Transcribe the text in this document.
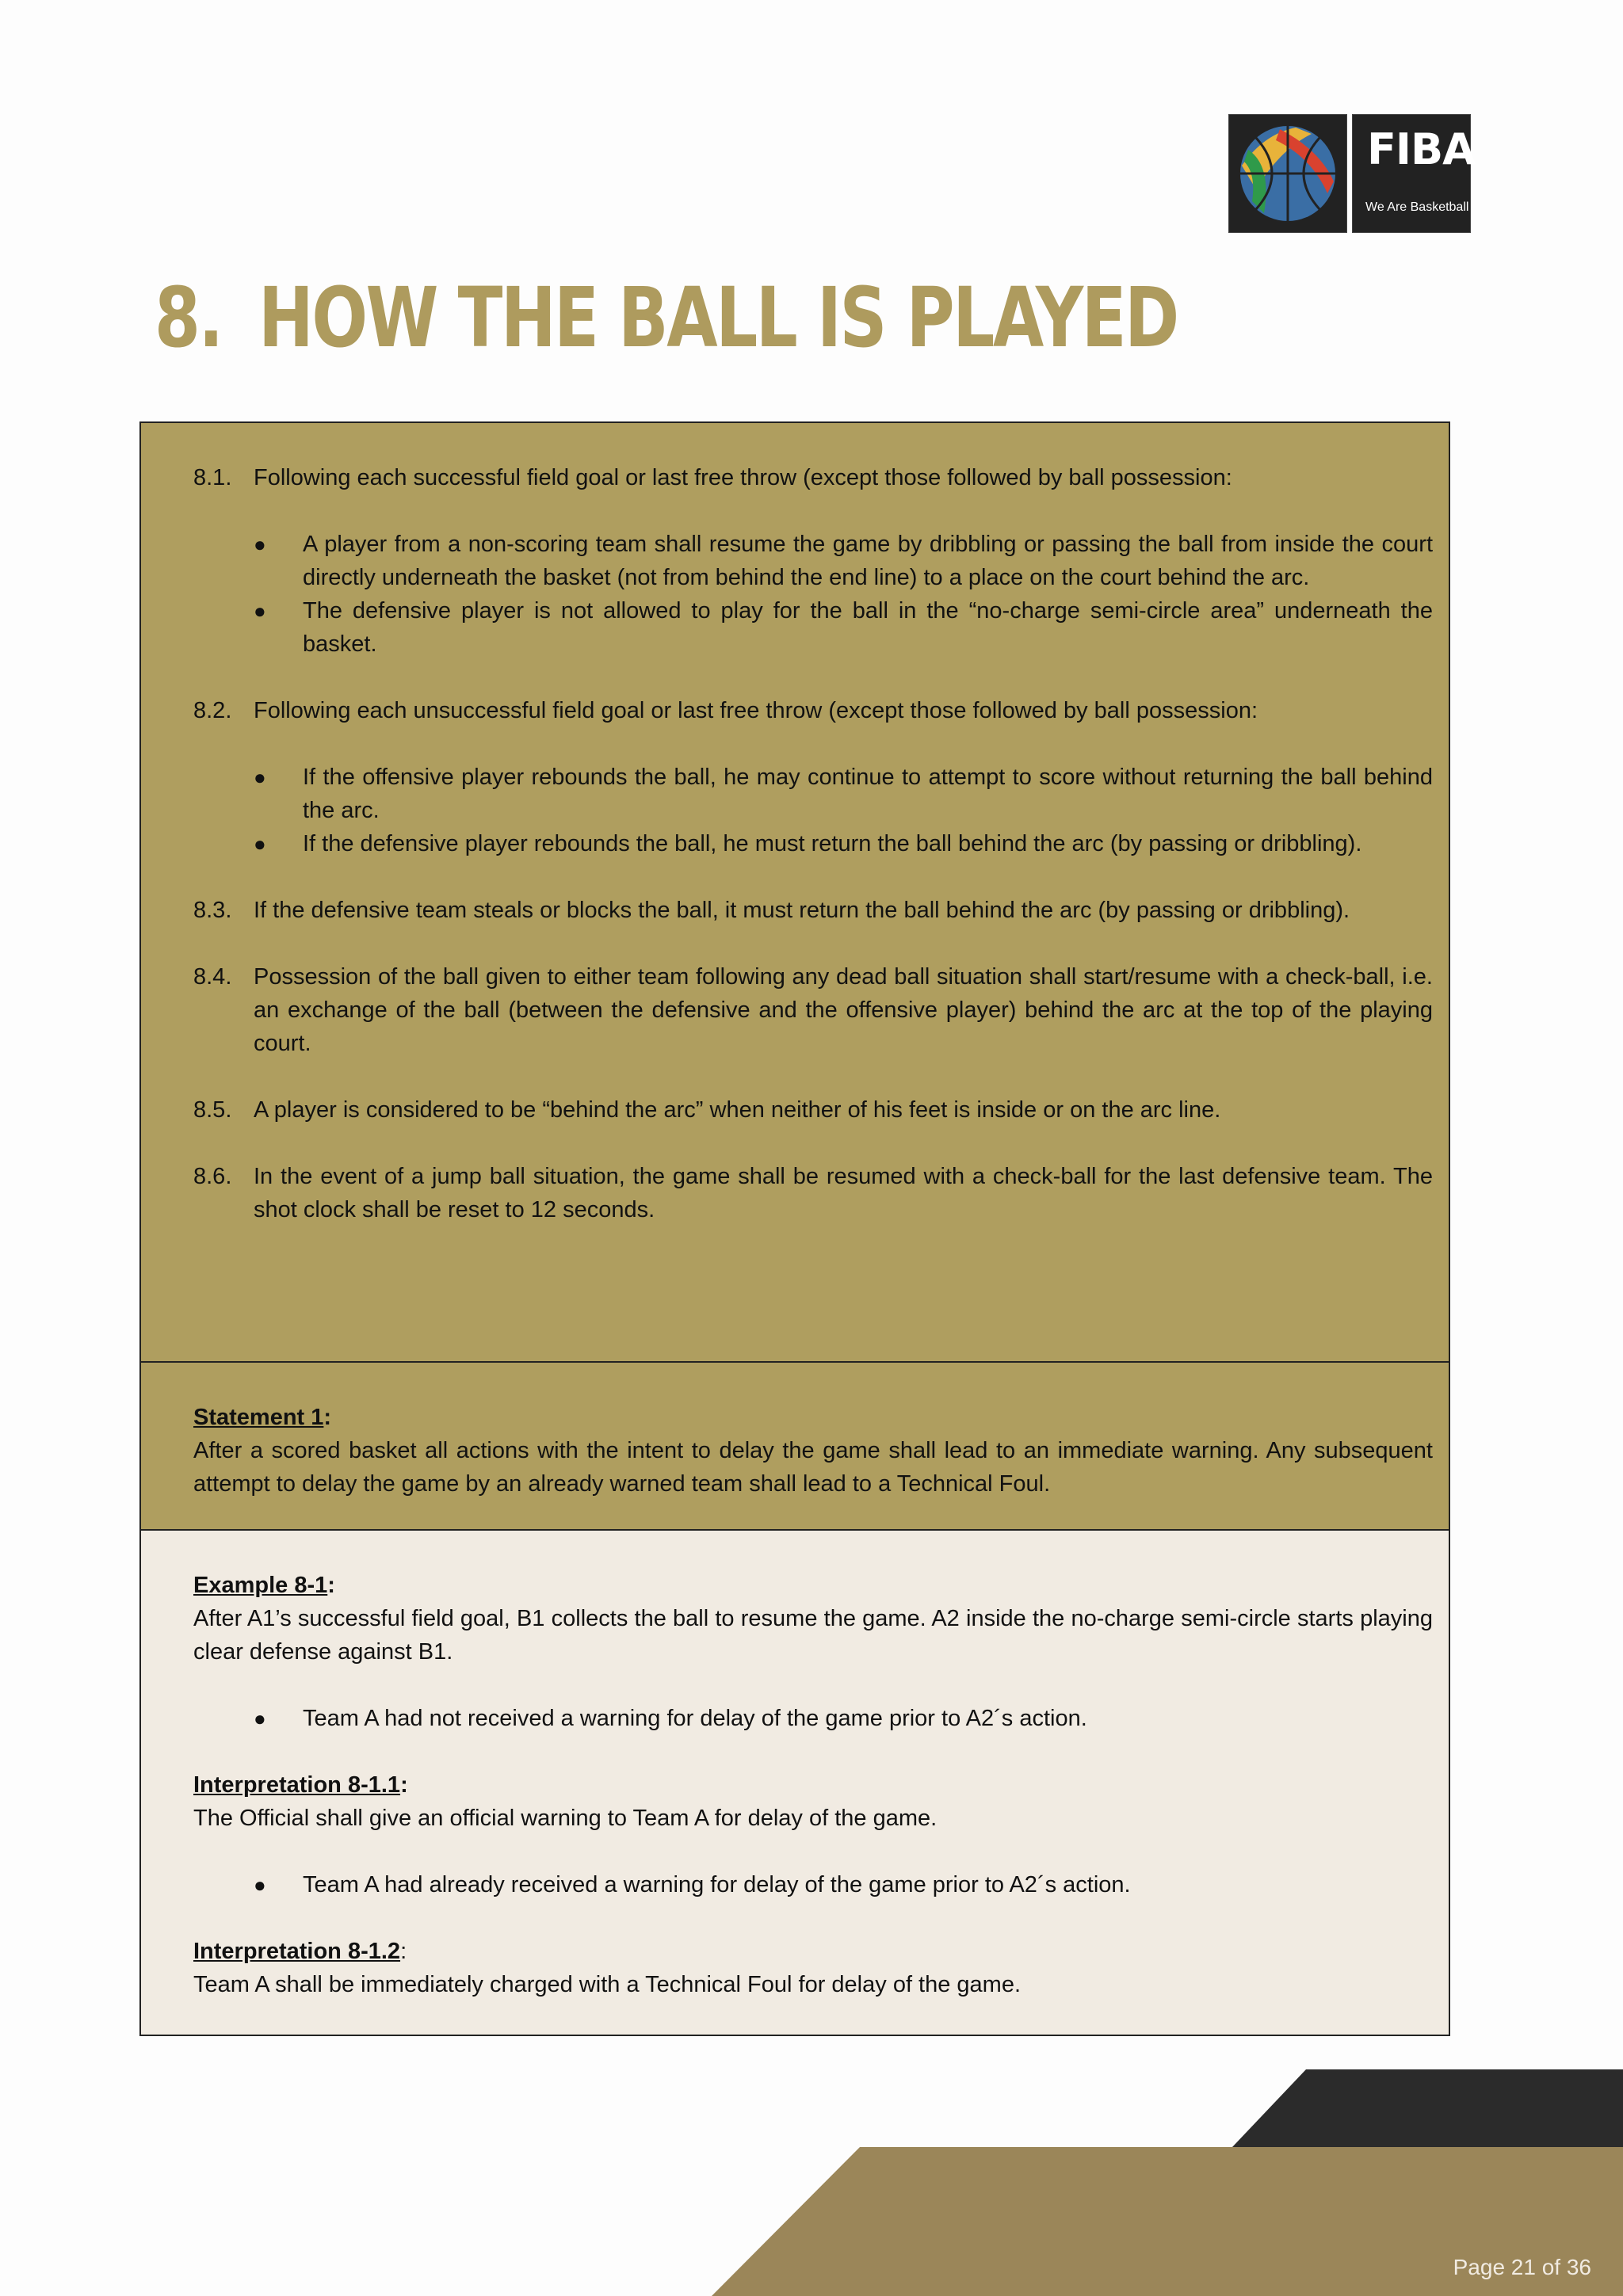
FIBA
We Are Basketball
8. HOW THE BALL IS PLAYED
8.1. Following each successful field goal or last free throw (except those followed by ball possession:
●	A player from a non-scoring team shall resume the game by dribbling or passing the ball from inside the court directly underneath the basket (not from behind the end line) to a place on the court behind the arc.
●	The defensive player is not allowed to play for the ball in the “no-charge semi-circle area” underneath the basket.
8.2. Following each unsuccessful field goal or last free throw (except those followed by ball possession:
●	If the offensive player rebounds the ball, he may continue to attempt to score without returning the ball behind the arc.
●	If the defensive player rebounds the ball, he must return the ball behind the arc (by passing or dribbling).
8.3. If the defensive team steals or blocks the ball, it must return the ball behind the arc (by passing or dribbling).
8.4. Possession of the ball given to either team following any dead ball situation shall start/resume with a check-ball, i.e. an exchange of the ball (between the defensive and the offensive player) behind the arc at the top of the playing court.
8.5. A player is considered to be “behind the arc” when neither of his feet is inside or on the arc line.
8.6. In the event of a jump ball situation, the game shall be resumed with a check-ball for the last defensive team. The shot clock shall be reset to 12 seconds.
Statement 1:
After a scored basket all actions with the intent to delay the game shall lead to an immediate warning. Any subsequent attempt to delay the game by an already warned team shall lead to a Technical Foul.
Example 8-1:
After A1’s successful field goal, B1 collects the ball to resume the game. A2 inside the no-charge semi-circle starts playing clear defense against B1.
●	Team A had not received a warning for delay of the game prior to A2´s action.
Interpretation 8-1.1:
The Official shall give an official warning to Team A for delay of the game.
●	Team A had already received a warning for delay of the game prior to A2´s action.
Interpretation 8-1.2:
Team A shall be immediately charged with a Technical Foul for delay of the game.
Page 21 of 36
